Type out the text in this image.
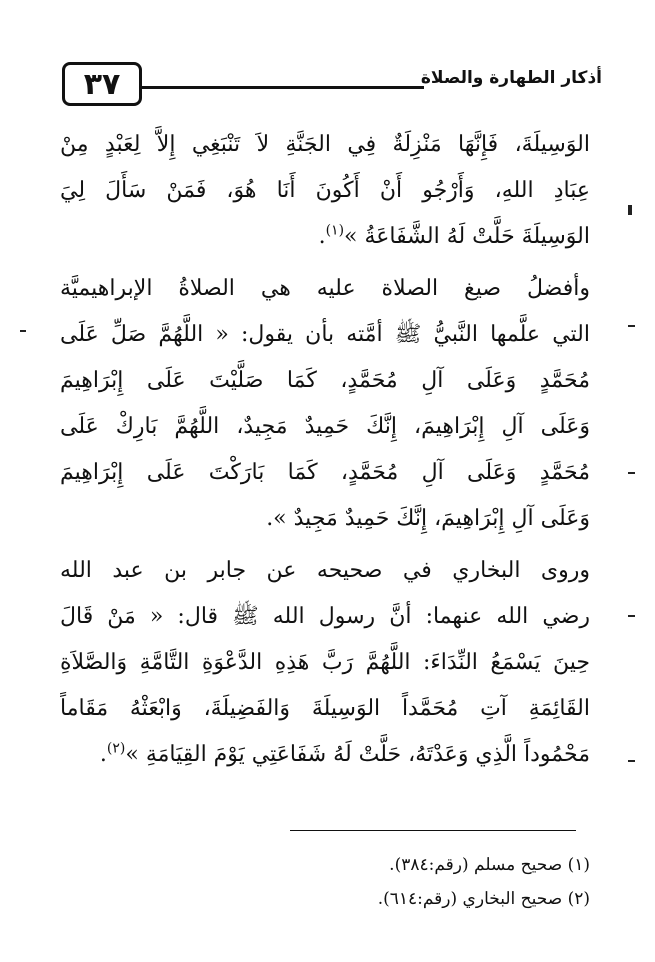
٣٧	أذكار الطهارة والصلاة
الوَسِيلَةَ، فَإِنَّهَا مَنْزِلَةٌ فِي الجَنَّةِ لاَ تَنْبَغِي إِلاَّ لِعَبْدٍ مِنْ
عِبَادِ اللهِ، وَأَرْجُو أَنْ أَكُونَ أَنَا هُوَ، فَمَنْ سَأَلَ لِيَ
الوَسِيلَةَ حَلَّتْ لَهُ الشَّفَاعَةُ »$^{(١)}$.
وأفضلُ صيغ الصلاة عليه هي الصلاةُ الإبراهيميَّة
التي علَّمها النَّبيُّ ﷺ أمَّته بأن يقول: « اللَّهُمَّ صَلِّ عَلَى
مُحَمَّدٍ وَعَلَى آلِ مُحَمَّدٍ، كَمَا صَلَّيْتَ عَلَى إِبْرَاهِيمَ
وَعَلَى آلِ إِبْرَاهِيمَ، إِنَّكَ حَمِيدٌ مَجِيدٌ، اللَّهُمَّ بَارِكْ عَلَى
مُحَمَّدٍ وَعَلَى آلِ مُحَمَّدٍ، كَمَا بَارَكْتَ عَلَى إِبْرَاهِيمَ
وَعَلَى آلِ إِبْرَاهِيمَ، إِنَّكَ حَمِيدٌ مَجِيدٌ ».
وروى البخاري في صحيحه عن جابر بن عبد الله
رضي الله عنهما: أنَّ رسول الله ﷺ قال: « مَنْ قَالَ
حِينَ يَسْمَعُ النِّدَاءَ: اللَّهُمَّ رَبَّ هَذِهِ الدَّعْوَةِ التَّامَّةِ وَالصَّلاَةِ
القَائِمَةِ آتِ مُحَمَّداً الوَسِيلَةَ وَالفَضِيلَةَ، وَابْعَثْهُ مَقَاماً
مَحْمُوداً الَّذِي وَعَدْتَهُ، حَلَّتْ لَهُ شَفَاعَتِي يَوْمَ القِيَامَةِ »$^{(٢)}$.
(١) صحيح مسلم (رقم:٣٨٤).
(٢) صحيح البخاري (رقم:٦١٤).
